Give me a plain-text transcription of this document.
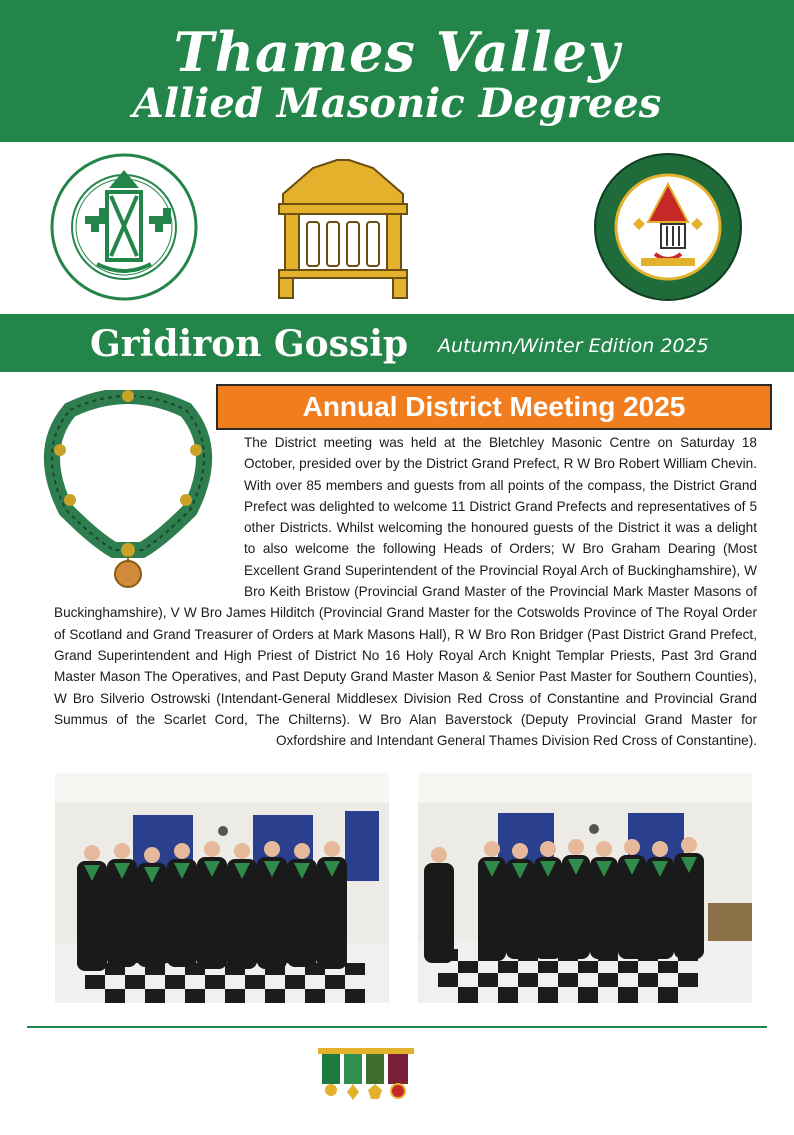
Thames Valley
Allied Masonic Degrees
Gridiron Gossip Autumn/Winter Edition 2025
Annual District Meeting 2025
The District meeting was held at the Bletchley Masonic Centre on Saturday 18 October, presided over by the District Grand Prefect, R W Bro Robert William Chevin. With over 85 members and guests from all points of the compass, the District Grand Prefect was delighted to welcome 11 District Grand Prefects and representatives of 5 other Districts. Whilst welcoming the honoured guests of the District it was a delight to also welcome the following Heads of Orders; W Bro Graham Dearing (Most Excellent Grand Superintendent of the Provincial Royal Arch of Buckinghamshire), W Bro Keith Bristow (Provincial Grand Master of the Provincial Mark Master Masons of Buckinghamshire), V W Bro James Hilditch (Provincial Grand Master for the Cotswolds Province of The Royal Order of Scotland and Grand Treasurer of Orders at Mark Masons Hall), R W Bro Ron Bridger (Past District Grand Prefect, Grand Superintendent and High Priest of District No 16 Holy Royal Arch Knight Templar Priests, Past 3rd Grand Master Mason The Operatives, and Past Deputy Grand Master Mason & Senior Past Master for Southern Counties), W Bro Silverio Ostrowski (Intendant-General Middlesex Division Red Cross of Constantine and Provincial Grand Summus of the Scarlet Cord, The Chilterns). W Bro Alan Baverstock (Deputy Provincial Grand Master for Oxfordshire and Intendant General Thames Division Red Cross of Constantine).
